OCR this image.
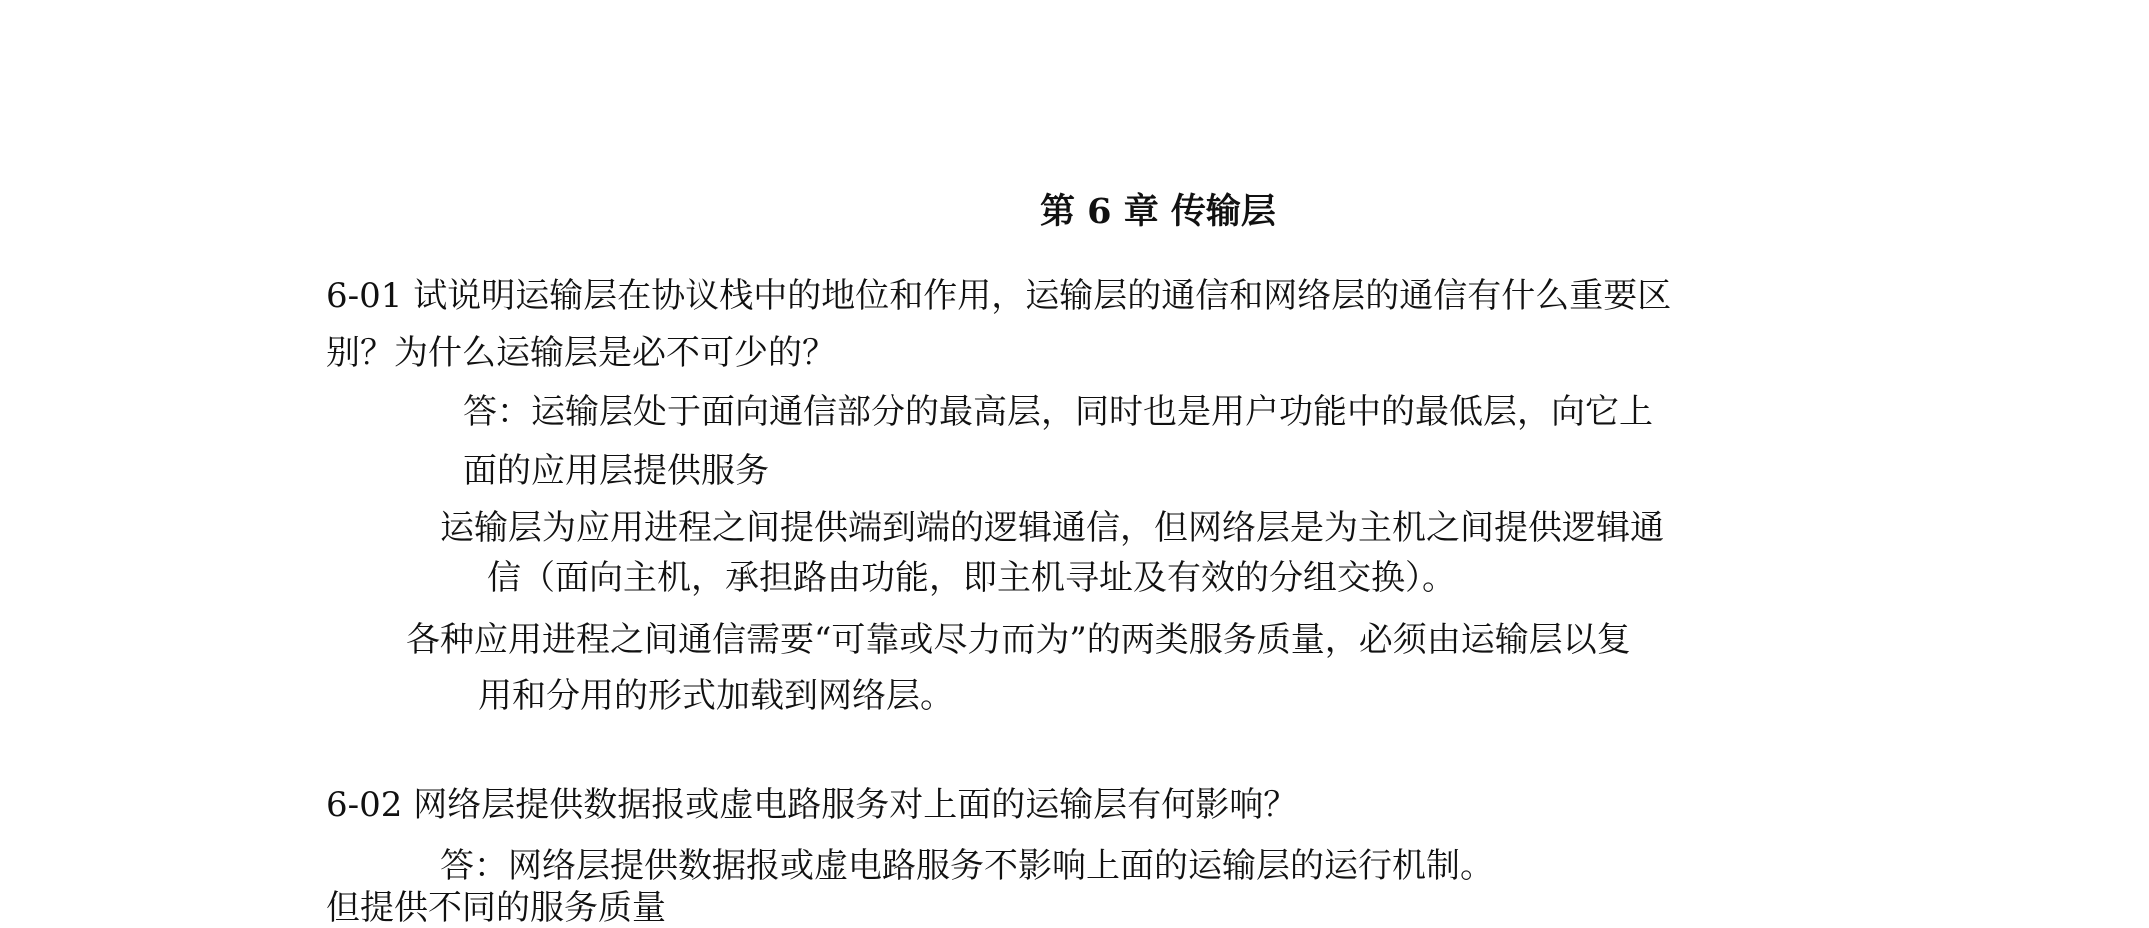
第 6 章 传输层
6-01 试说明运输层在协议栈中的地位和作用，运输层的通信和网络层的通信有什么重要区
别？为什么运输层是必不可少的？
答：运输层处于面向通信部分的最高层，同时也是用户功能中的最低层，向它上
面的应用层提供服务
运输层为应用进程之间提供端到端的逻辑通信，但网络层是为主机之间提供逻辑通
信（面向主机，承担路由功能，即主机寻址及有效的分组交换）。
各种应用进程之间通信需要“可靠或尽力而为”的两类服务质量，必须由运输层以复
用和分用的形式加载到网络层。
6-02 网络层提供数据报或虚电路服务对上面的运输层有何影响？
答：网络层提供数据报或虚电路服务不影响上面的运输层的运行机制。
但提供不同的服务质量
